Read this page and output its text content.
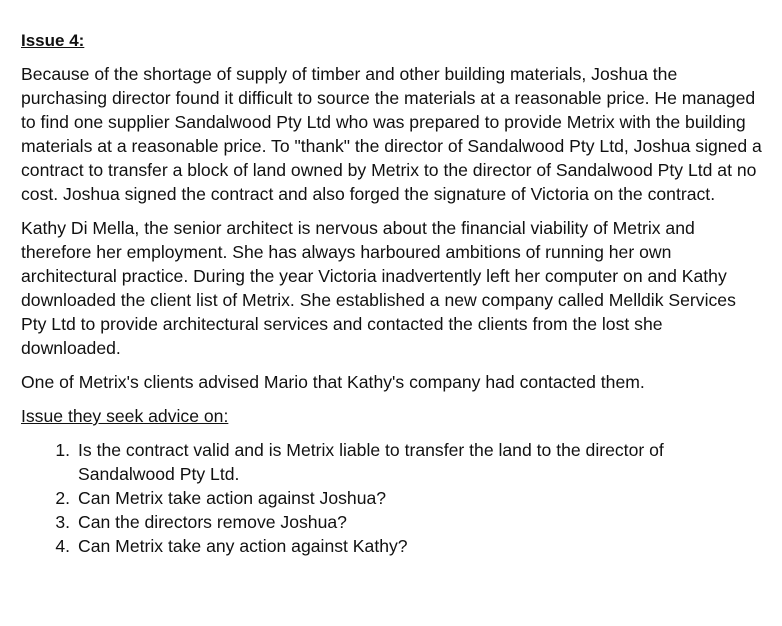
Issue 4:

Because of the shortage of supply of timber and other building materials, Joshua the purchasing director found it difficult to source the materials at a reasonable price. He managed to find one supplier Sandalwood Pty Ltd who was prepared to provide Metrix with the building materials at a reasonable price. To "thank" the director of Sandalwood Pty Ltd, Joshua signed a contract to transfer a block of land owned by Metrix to the director of Sandalwood Pty Ltd at no cost. Joshua signed the contract and also forged the signature of Victoria on the contract.

Kathy Di Mella, the senior architect is nervous about the financial viability of Metrix and therefore her employment. She has always harboured ambitions of running her own architectural practice. During the year Victoria inadvertently left her computer on and Kathy downloaded the client list of Metrix. She established a new company called Melldik Services Pty Ltd to provide architectural services and contacted the clients from the lost she downloaded.

One of Metrix's clients advised Mario that Kathy's company had contacted them.

Issue they seek advice on:
1. Is the contract valid and is Metrix liable to transfer the land to the director of Sandalwood Pty Ltd.
2. Can Metrix take action against Joshua?
3. Can the directors remove Joshua?
4. Can Metrix take any action against Kathy?
